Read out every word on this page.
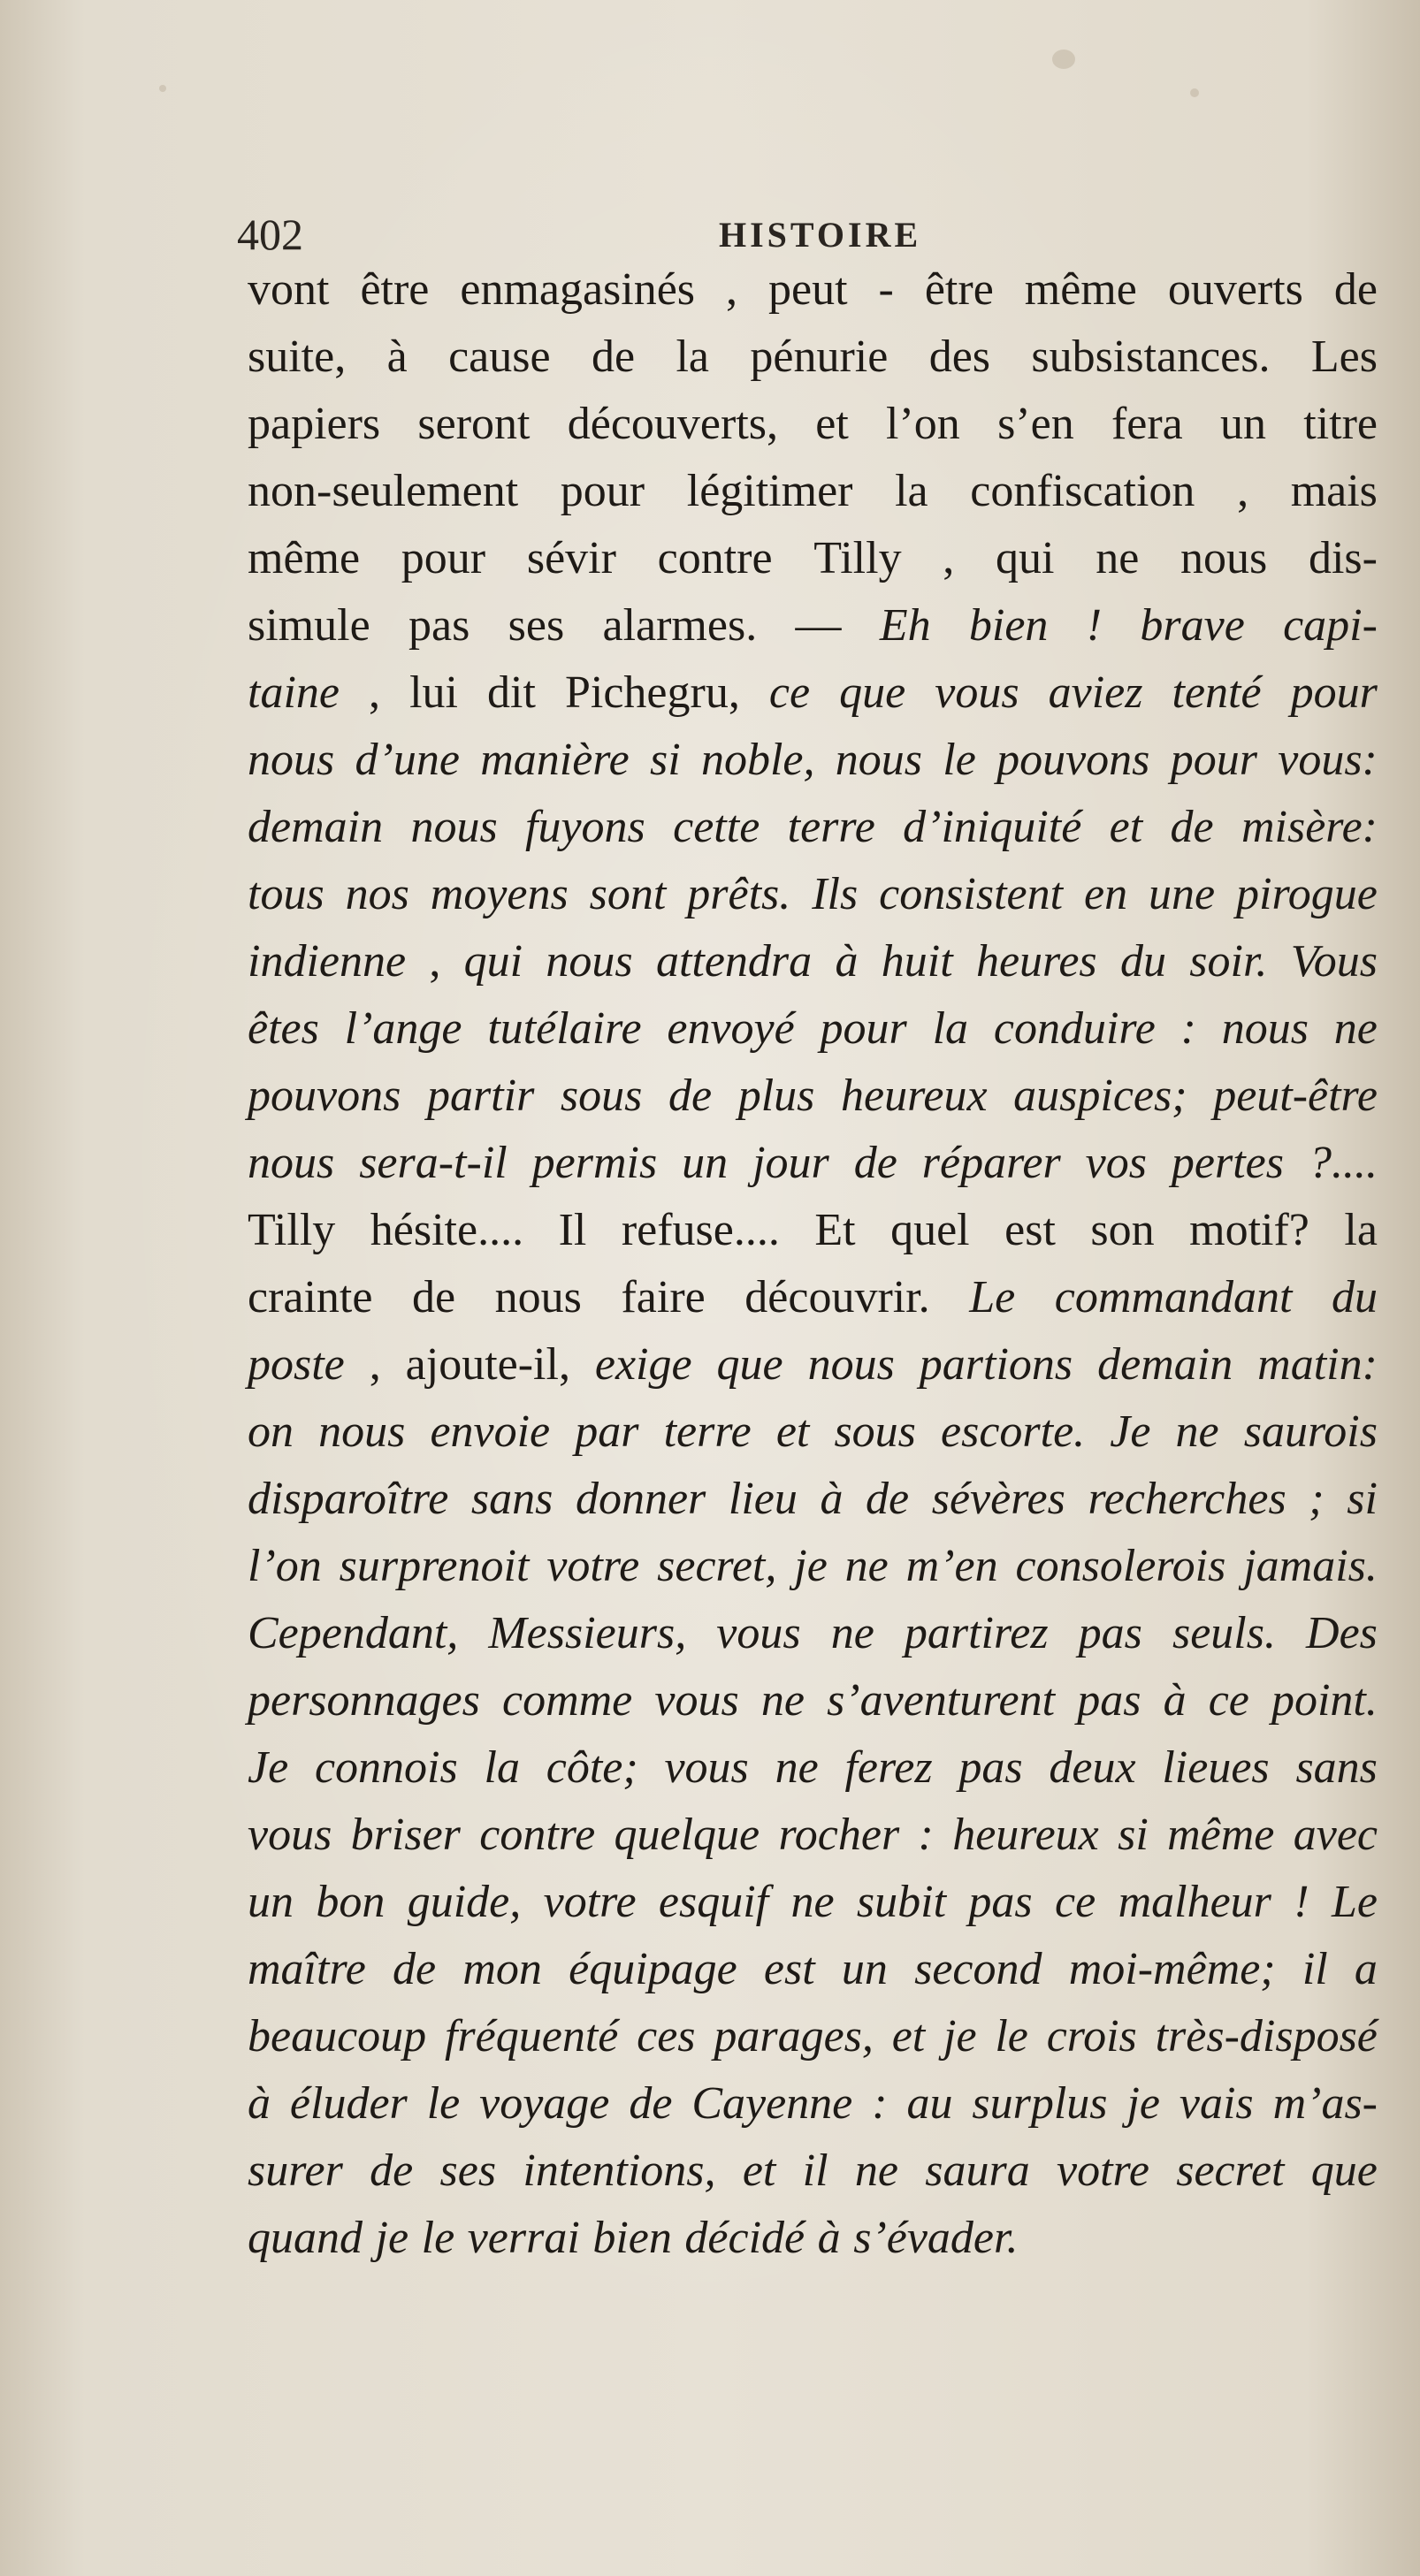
402	HISTOIRE
vont être enmagasinés , peut - être même ouverts de
suite, à cause de la pénurie des subsistances. Les
papiers seront découverts, et l’on s’en fera un titre
non-seulement pour légitimer la confiscation , mais
même pour sévir contre Tilly , qui ne nous dis-
simule pas ses alarmes. — Eh bien ! brave capi-
taine , lui dit Pichegru, ce que vous aviez tenté pour
nous d’une manière si noble, nous le pouvons pour vous:
demain nous fuyons cette terre d’iniquité et de misère:
tous nos moyens sont prêts. Ils consistent en une pirogue
indienne , qui nous attendra à huit heures du soir. Vous
êtes l’ange tutélaire envoyé pour la conduire : nous ne
pouvons partir sous de plus heureux auspices; peut-être
nous sera-t-il permis un jour de réparer vos pertes ?....
Tilly hésite.... Il refuse.... Et quel est son motif? la
crainte de nous faire découvrir. Le commandant du
poste , ajoute-il, exige que nous partions demain matin:
on nous envoie par terre et sous escorte. Je ne saurois
disparoître sans donner lieu à de sévères recherches ; si
l’on surprenoit votre secret, je ne m’en consolerois jamais.
Cependant, Messieurs, vous ne partirez pas seuls. Des
personnages comme vous ne s’aventurent pas à ce point.
Je connois la côte; vous ne ferez pas deux lieues sans
vous briser contre quelque rocher : heureux si même avec
un bon guide, votre esquif ne subit pas ce malheur ! Le
maître de mon équipage est un second moi-même; il a
beaucoup fréquenté ces parages, et je le crois très-disposé
à éluder le voyage de Cayenne : au surplus je vais m’as-
surer de ses intentions, et il ne saura votre secret que
quand je le verrai bien décidé à s’évader.
